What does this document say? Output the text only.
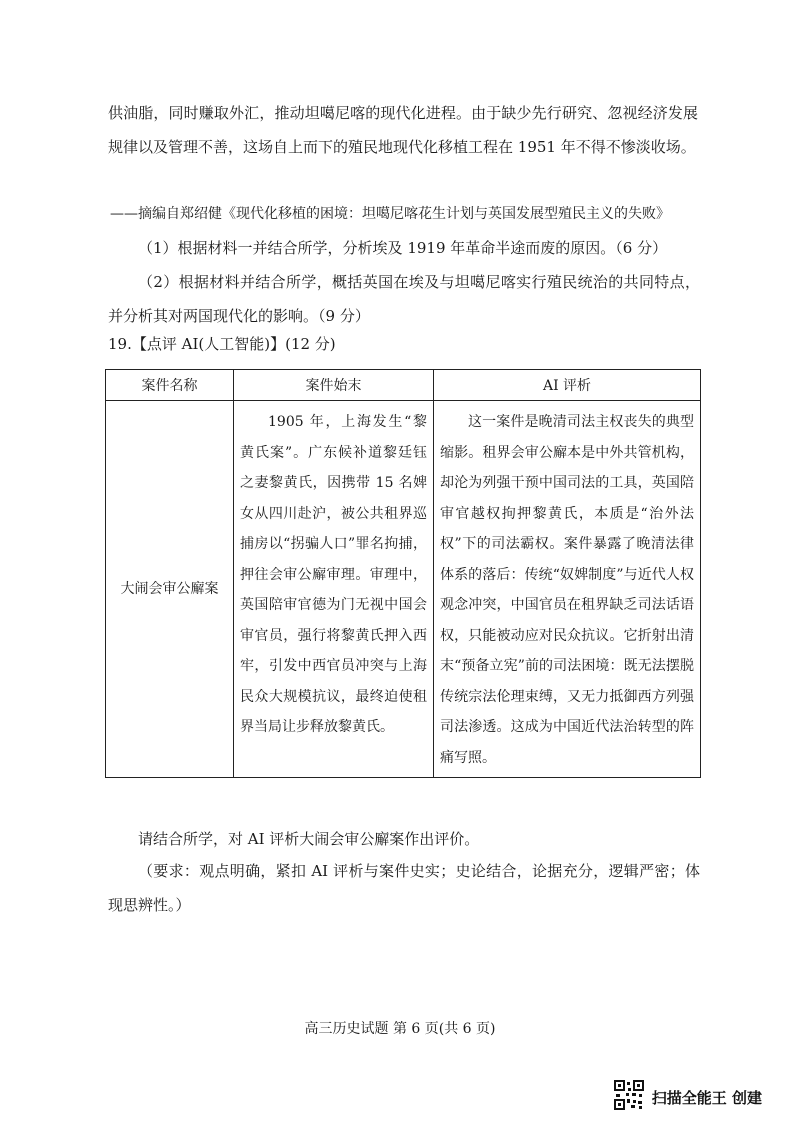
供油脂，同时赚取外汇，推动坦噶尼喀的现代化进程。由于缺少先行研究、忽视经济发展规律以及管理不善，这场自上而下的殖民地现代化移植工程在 1951 年不得不惨淡收场。

——摘编自郑绍健《现代化移植的困境：坦噶尼喀花生计划与英国发展型殖民主义的失败》

（1）根据材料一并结合所学，分析埃及 1919 年革命半途而废的原因。（6 分）

（2）根据材料并结合所学，概括英国在埃及与坦噶尼喀实行殖民统治的共同特点，并分析其对两国现代化的影响。（9 分）

19.【点评 AI(人工智能)】(12 分)
案件名称	案件始末	AI 评析
大闹会审公廨案	1905 年，上海发生“黎黄氏案”。广东候补道黎廷钰之妻黎黄氏，因携带 15 名婢女从四川赴沪，被公共租界巡捕房以“拐骗人口”罪名拘捕，押往会审公廨审理。审理中，英国陪审官德为门无视中国会审官员，强行将黎黄氏押入西牢，引发中西官员冲突与上海民众大规模抗议，最终迫使租界当局让步释放黎黄氏。	这一案件是晚清司法主权丧失的典型缩影。租界会审公廨本是中外共管机构，却沦为列强干预中国司法的工具，英国陪审官越权拘押黎黄氏，本质是“治外法权”下的司法霸权。案件暴露了晚清法律体系的落后：传统“奴婢制度”与近代人权观念冲突，中国官员在租界缺乏司法话语权，只能被动应对民众抗议。它折射出清末“预备立宪”前的司法困境：既无法摆脱传统宗法伦理束缚，又无力抵御西方列强司法渗透。这成为中国近代法治转型的阵痛写照。

请结合所学，对 AI 评析大闹会审公廨案作出评价。

（要求：观点明确，紧扣 AI 评析与案件史实；史论结合，论据充分，逻辑严密；体现思辨性。）

高三历史试题 第 6 页(共 6 页)
扫描全能王 创建
